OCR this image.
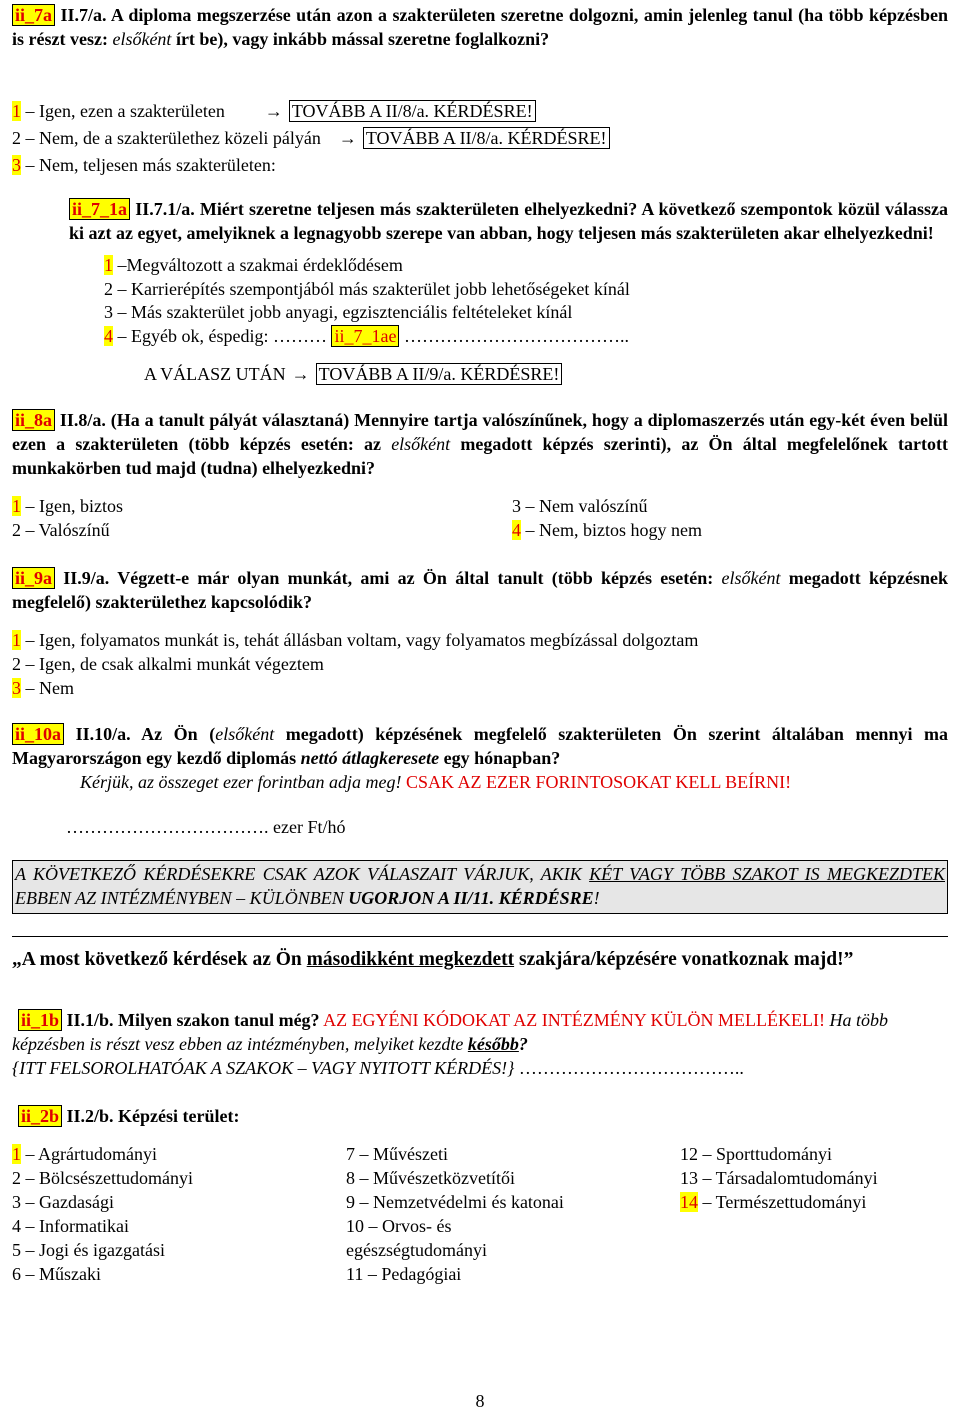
ii_7a II.7/a. A diploma megszerzése után azon a szakterületen szeretne dolgozni, amin jelenleg tanul (ha több képzésben is részt vesz: elsőként írt be), vagy inkább mással szeretne foglalkozni?

1 – Igen, ezen a szakterületen → TOVÁBB A II/8/a. KÉRDÉSRE!
2 – Nem, de a szakterülethez közeli pályán → TOVÁBB A II/8/a. KÉRDÉSRE!
3 – Nem, teljesen más szakterületen:

ii_7_1a II.7.1/a. Miért szeretne teljesen más szakterületen elhelyezkedni? A következő szempontok közül válassza ki azt az egyet, amelyiknek a legnagyobb szerepe van abban, hogy teljesen más szakterületen akar elhelyezkedni!

1 –Megváltozott a szakmai érdeklődésem
2 – Karrierépítés szempontjából más szakterület jobb lehetőségeket kínál
3 – Más szakterület jobb anyagi, egzisztenciális feltételeket kínál
4 – Egyéb ok, éspedig: ……… ii_7_1ae ………………………………..
A VÁLASZ UTÁN → TOVÁBB A II/9/a. KÉRDÉSRE!

ii_8a II.8/a. (Ha a tanult pályát választaná) Mennyire tartja valószínűnek, hogy a diplomaszerzés után egy-két éven belül ezen a szakterületen (több képzés esetén: az elsőként megadott képzés szerinti), az Ön által megfelelőnek tartott munkakörben tud majd (tudna) elhelyezkedni?

1 – Igen, biztos	3 – Nem valószínű
2 – Valószínű	4 – Nem, biztos hogy nem

ii_9a II.9/a. Végzett-e már olyan munkát, ami az Ön által tanult (több képzés esetén: elsőként megadott képzésnek megfelelő) szakterülethez kapcsolódik?

1 – Igen, folyamatos munkát is, tehát állásban voltam, vagy folyamatos megbízással dolgoztam
2 – Igen, de csak alkalmi munkát végeztem
3 – Nem

ii_10a II.10/a. Az Ön (elsőként megadott) képzésének megfelelő szakterületen Ön szerint általában mennyi ma Magyarországon egy kezdő diplomás nettó átlagkeresete egy hónapban?

Kérjük, az összeget ezer forintban adja meg! CSAK AZ EZER FORINTOSOKAT KELL BEÍRNI!
……………………………. ezer Ft/hó
A KÖVETKEZŐ KÉRDÉSEKRE CSAK AZOK VÁLASZAIT VÁRJUK, AKIK KÉT VAGY TÖBB SZAKOT IS MEGKEZDTEK EBBEN AZ INTÉZMÉNYBEN – KÜLÖNBEN UGORJON A II/11. KÉRDÉSRE!

„A most következő kérdések az Ön másodikként megkezdett szakjára/képzésére vonatkoznak majd!”

ii_1b II.1/b. Milyen szakon tanul még? AZ EGYÉNI KÓDOKAT AZ INTÉZMÉNY KÜLÖN MELLÉKELI! Ha több képzésben is részt vesz ebben az intézményben, melyiket kezdte később?

{ITT FELSOROLHATÓAK A SZAKOK – VAGY NYITOTT KÉRDÉS!} ………………………………..

ii_2b II.2/b. Képzési terület:

1 – Agrártudományi
2 – Bölcsészettudományi
3 – Gazdasági
4 – Informatikai
5 – Jogi és igazgatási
6 – Műszaki
7 – Művészeti
8 – Művészetközvetítői
9 – Nemzetvédelmi és katonai
10 – Orvos- és
egészségtudományi
11 – Pedagógiai
12 – Sporttudományi
13 – Társadalomtudományi
14 – Természettudományi
8
